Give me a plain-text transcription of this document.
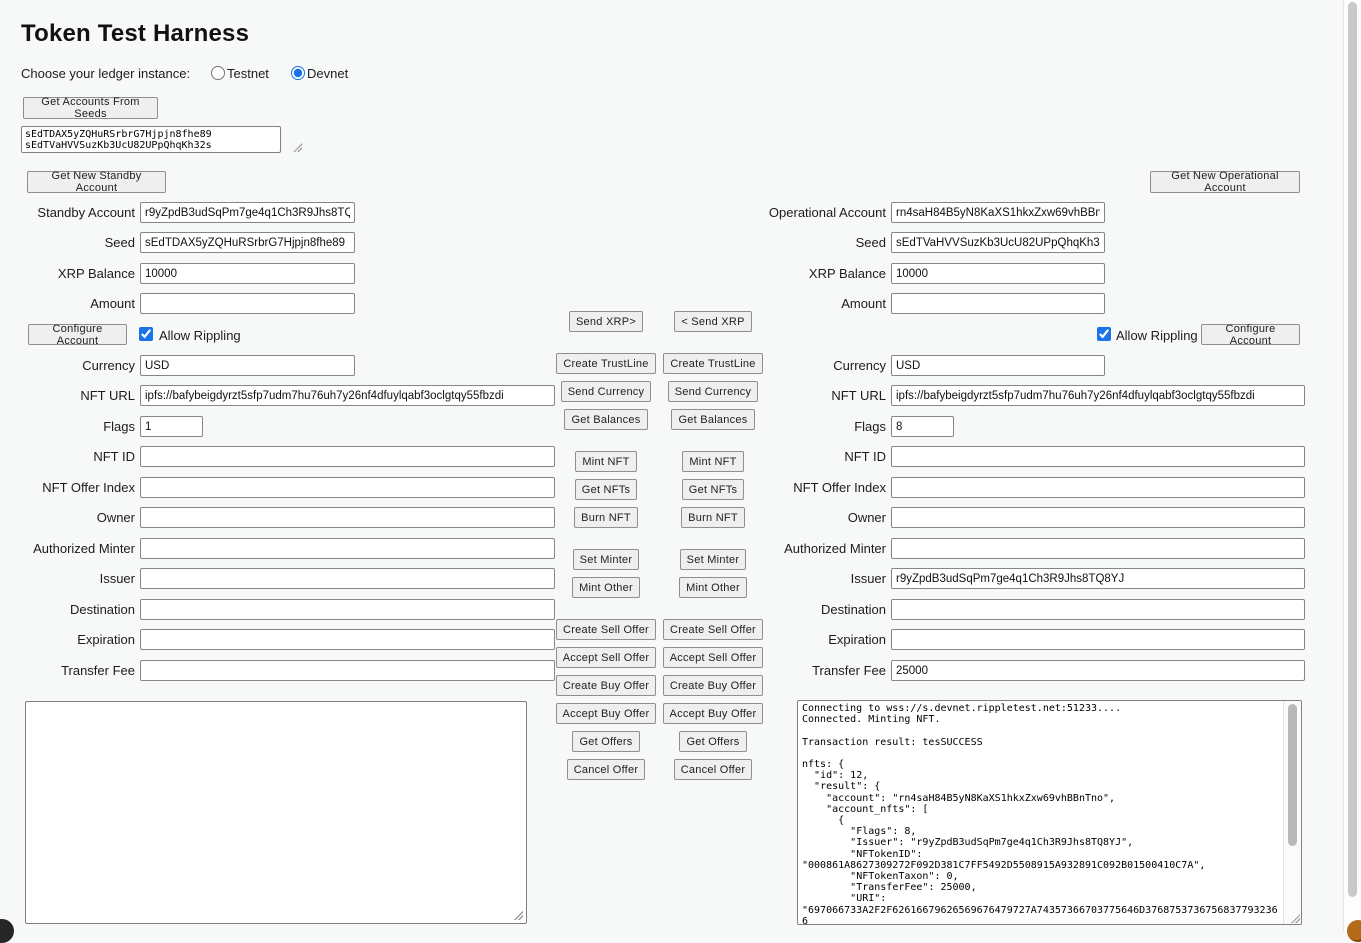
Token Test Harness
Choose your ledger instance:	Testnet	Devnet
Get Accounts From Seeds
sEdTDAX5yZQHuRSrbrG7Hjpjn8fhe89 sEdTVaHVVSuzKb3UcU82UPpQhqKh32s
Get New Standby Account
Get New Operational Account
Standby Account
r9yZpdB3udSqPm7ge4q1Ch3R9Jhs8TQ8YJ
Seed
sEdTDAX5yZQHuRSrbrG7Hjpjn8fhe89
XRP Balance
10000
Amount
Configure Account	Allow Rippling
Currency
USD
NFT URL
ipfs://bafybeigdyrzt5sfp7udm7hu76uh7y26nf4dfuylqabf3oclgtqy55fbzdi
Flags
1
NFT ID
NFT Offer Index
Owner
Authorized Minter
Issuer
Destination
Expiration
Transfer Fee
Operational Account
rn4saH84B5yN8KaXS1hkxZxw69vhBBnTno
Seed
sEdTVaHVVSuzKb3UcU82UPpQhqKh32s
XRP Balance
10000
Amount
Allow Rippling	Configure Account
Currency
USD
NFT URL
ipfs://bafybeigdyrzt5sfp7udm7hu76uh7y26nf4dfuylqabf3oclgtqy55fbzdi
Flags
8
NFT ID
NFT Offer Index
Owner
Authorized Minter
Issuer
r9yZpdB3udSqPm7ge4q1Ch3R9Jhs8TQ8YJ
Destination
Expiration
Transfer Fee
25000
Send XRP>
Create TrustLine
Send Currency
Get Balances
Mint NFT
Get NFTs
Burn NFT
Set Minter
Mint Other
Create Sell Offer
Accept Sell Offer
Create Buy Offer
Accept Buy Offer
Get Offers
Cancel Offer
< Send XRP
Create TrustLine
Send Currency
Get Balances
Mint NFT
Get NFTs
Burn NFT
Set Minter
Mint Other
Create Sell Offer
Accept Sell Offer
Create Buy Offer
Accept Buy Offer
Get Offers
Cancel Offer
Connecting to wss://s.devnet.rippletest.net:51233.... Connected. Minting NFT. Transaction result: tesSUCCESS nfts: { "id": 12, "result": { "account": "rn4saH84B5yN8KaXS1hkxZxw69vhBBnTno", "account_nfts": [ { "Flags": 8, "Issuer": "r9yZpdB3udSqPm7ge4q1Ch3R9Jhs8TQ8YJ", "NFTokenID": "000861A8627309272F092D381C7FF5492D5508915A932891C092B01500410C7A", "NFTokenTaxon": 0, "TransferFee": 25000, "URI": "697066733A2F2F62616679626569676479727A74357366703775646D37687537367568377932366 E6634646675796C71616266336F636C67747179353566627A6469",
